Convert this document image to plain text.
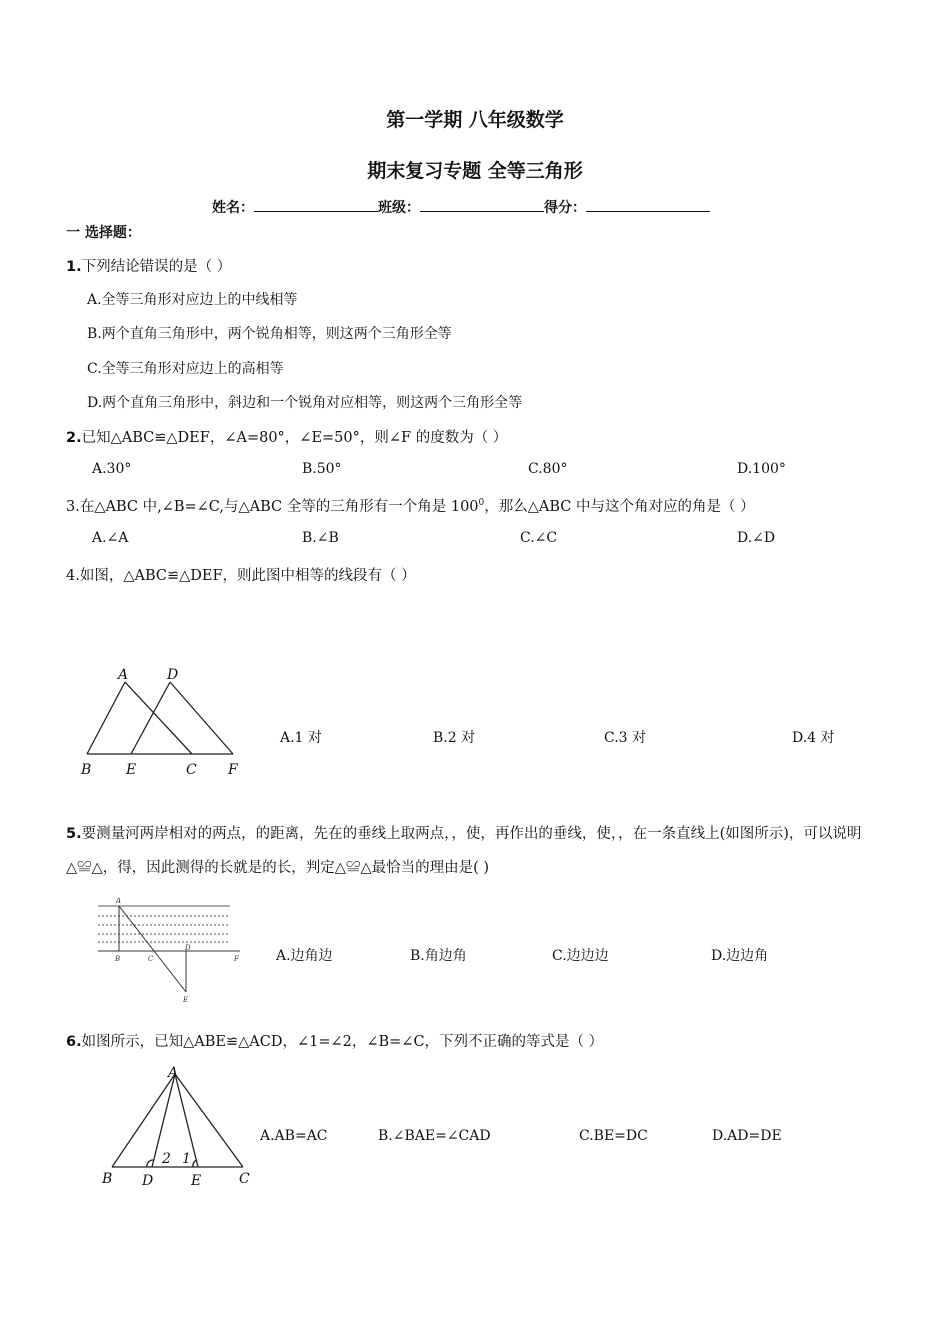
第一学期 八年级数学
期末复习专题 全等三角形
姓名：	班级：	得分：
一 选择题：
1.下列结论错误的是（ ）
A.全等三角形对应边上的中线相等
B.两个直角三角形中，两个锐角相等，则这两个三角形全等
C.全等三角形对应边上的高相等
D.两个直角三角形中，斜边和一个锐角对应相等，则这两个三角形全等
2.已知△ABC≌△DEF，∠A=80°，∠E=50°，则∠F 的度数为（ ）
A.30°	B.50°	C.80°	D.100°
3.在△ABC 中,∠B=∠C,与△ABC 全等的三角形有一个角是 $100^0$，那么△ABC 中与这个角对应的角是（ ）
A.∠A	B.∠B	C.∠C	D.∠D
4.如图，△ABC≌△DEF，则此图中相等的线段有（ ）
A	D
B E	C F
A.1 对	B.2 对	C.3 对	D.4 对
5.要测量河两岸相对的两点，的距离，先在的垂线上取两点，，使，再作出的垂线，使，，在一条直线上(如图所示)，可以说明△≌△，得，因此测得的长就是的长，判定△≌△最恰当的理由是( )
A
B	C
D
E
F	A.边角边	B.角边角	C.边边边	D.边边角
6.如图所示，已知△ABE≌△ACD，∠1=∠2，∠B=∠C，下列不正确的等式是（ ）
A
B D	E	C
2 1
A.AB=AC	B.∠BAE=∠CAD	C.BE=DC	D.AD=DE
